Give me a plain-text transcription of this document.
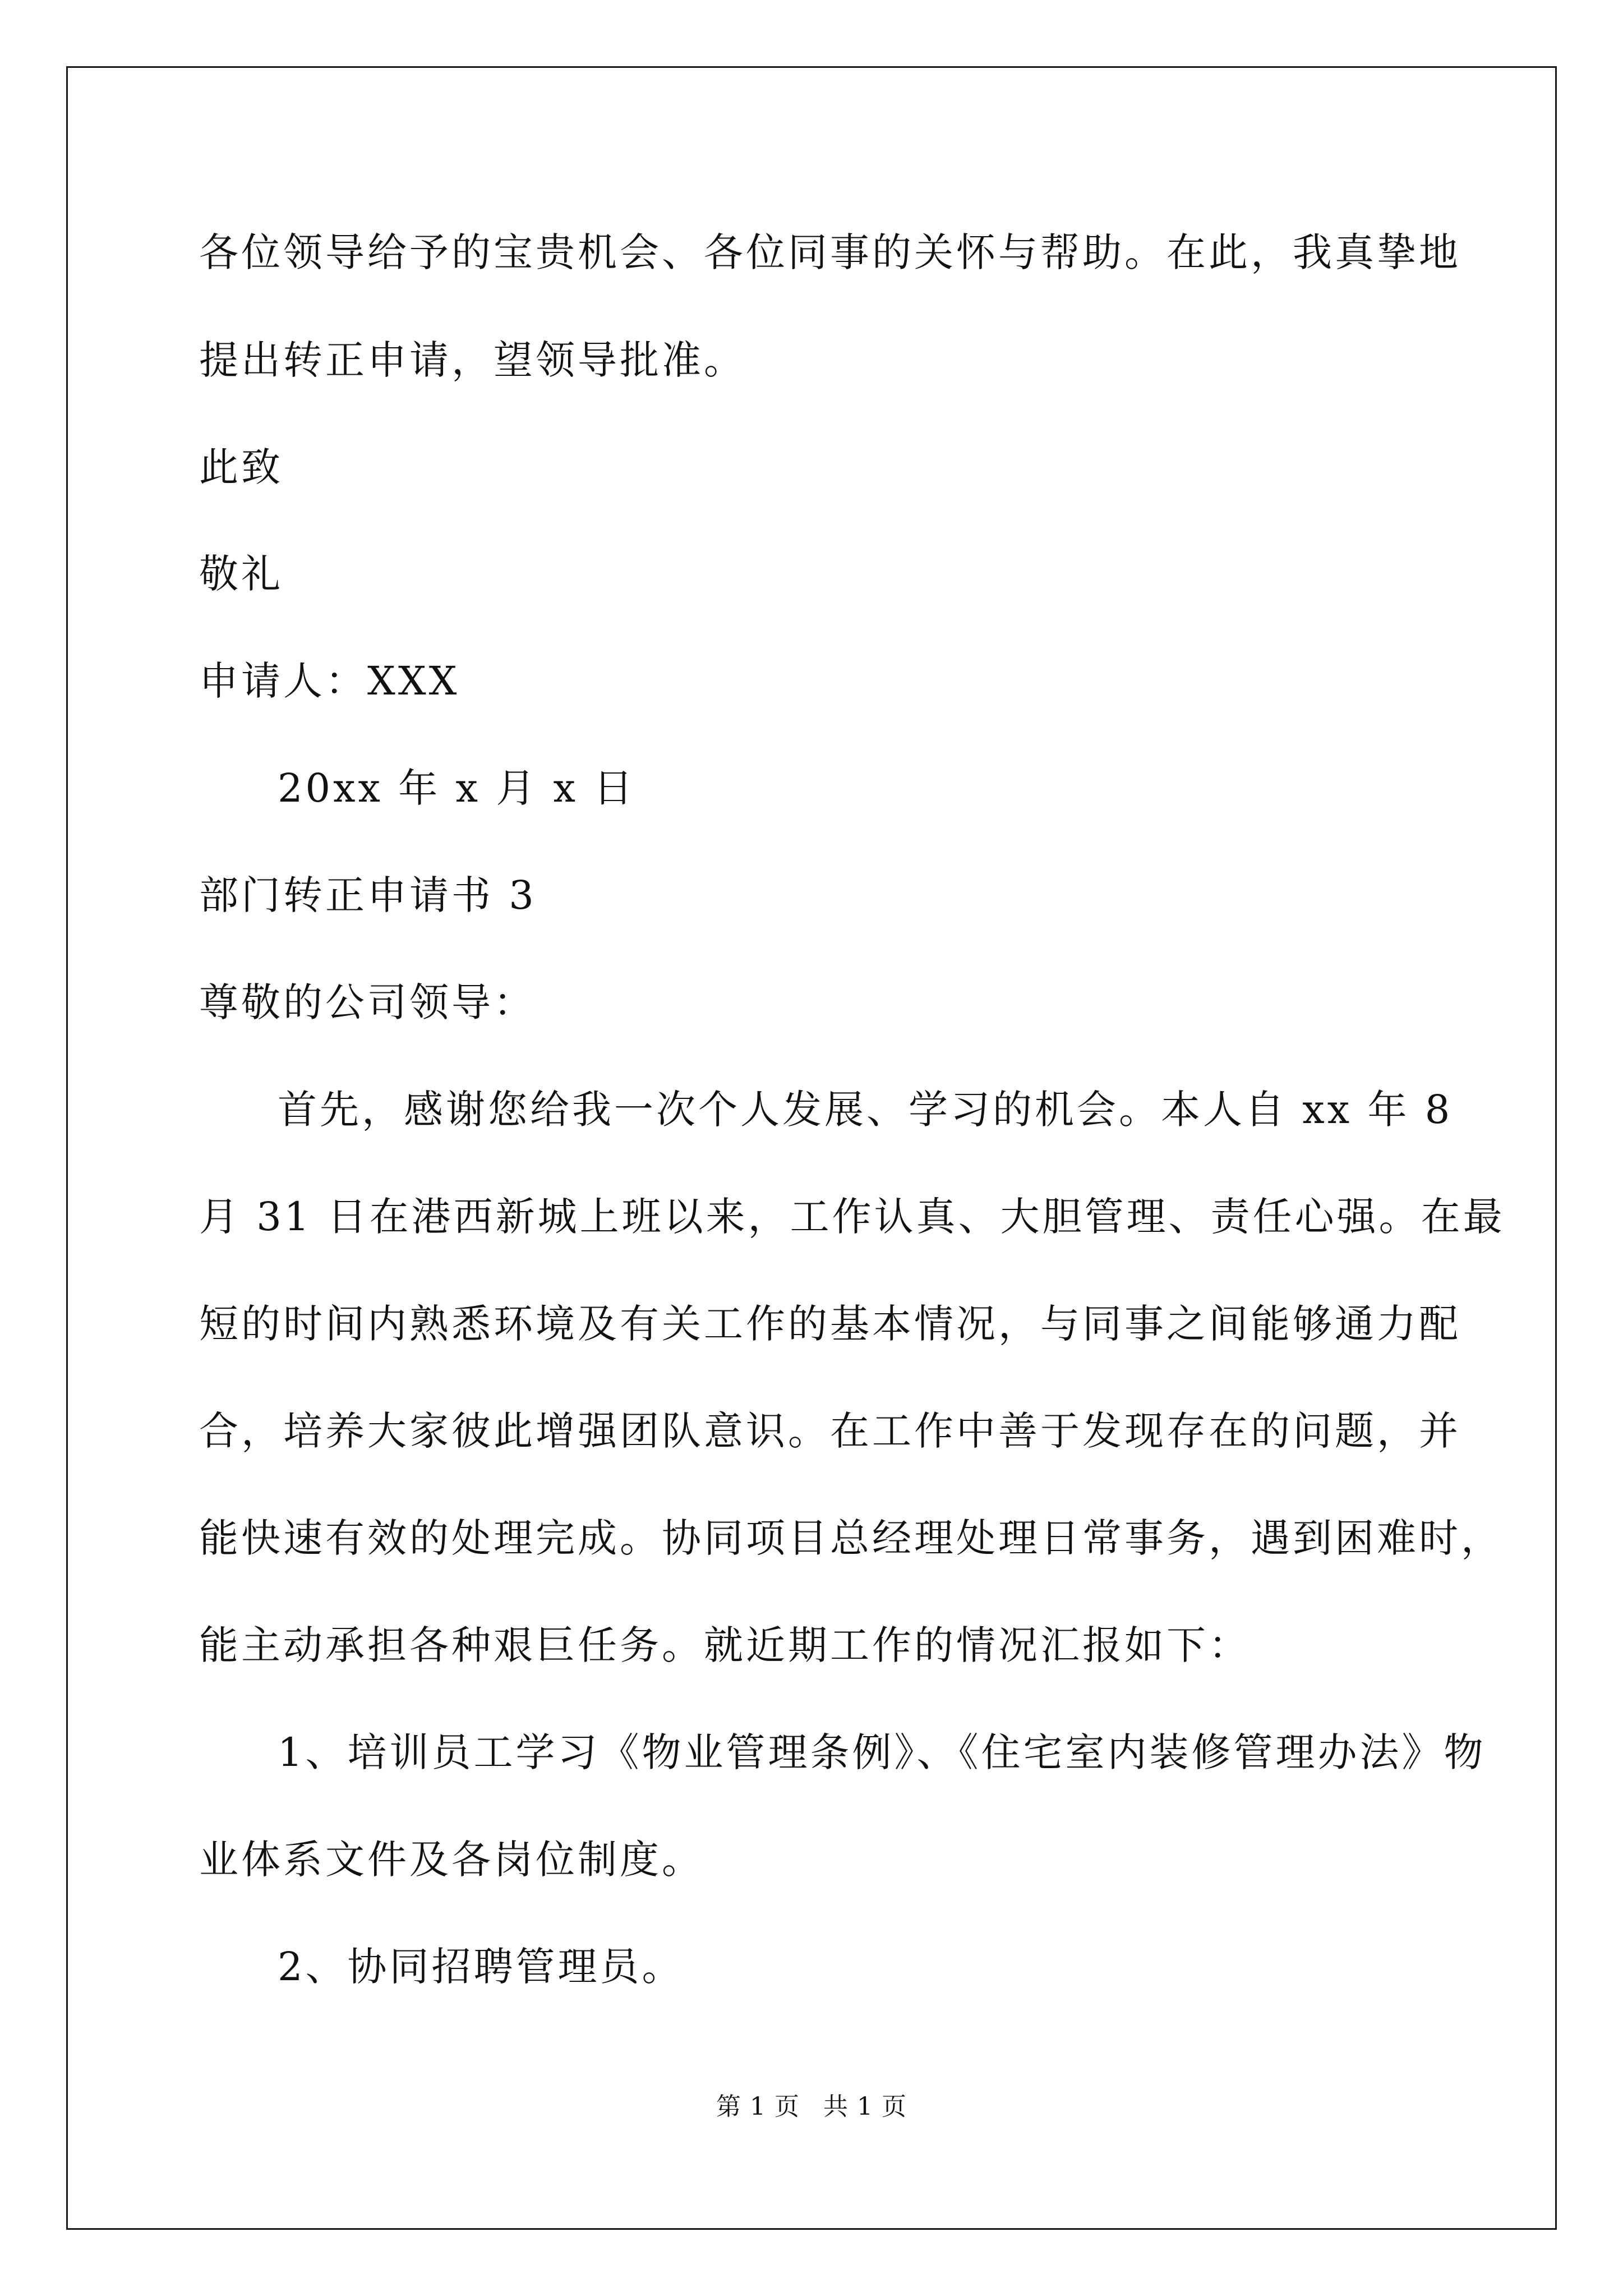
各位领导给予的宝贵机会、各位同事的关怀与帮助。在此，我真挚地
提出转正申请，望领导批准。
此致
敬礼
申请人：XXX
20xx 年 x 月 x 日
部门转正申请书 3
尊敬的公司领导：
首先，感谢您给我一次个人发展、学习的机会。本人自 xx 年 8
月 31 日在港西新城上班以来，工作认真、大胆管理、责任心强。在最
短的时间内熟悉环境及有关工作的基本情况，与同事之间能够通力配
合，培养大家彼此增强团队意识。在工作中善于发现存在的问题，并
能快速有效的处理完成。协同项目总经理处理日常事务，遇到困难时，
能主动承担各种艰巨任务。就近期工作的情况汇报如下：
1、培训员工学习《物业管理条例》、《住宅室内装修管理办法》物
业体系文件及各岗位制度。
2、协同招聘管理员。
第 1 页 共 1 页
